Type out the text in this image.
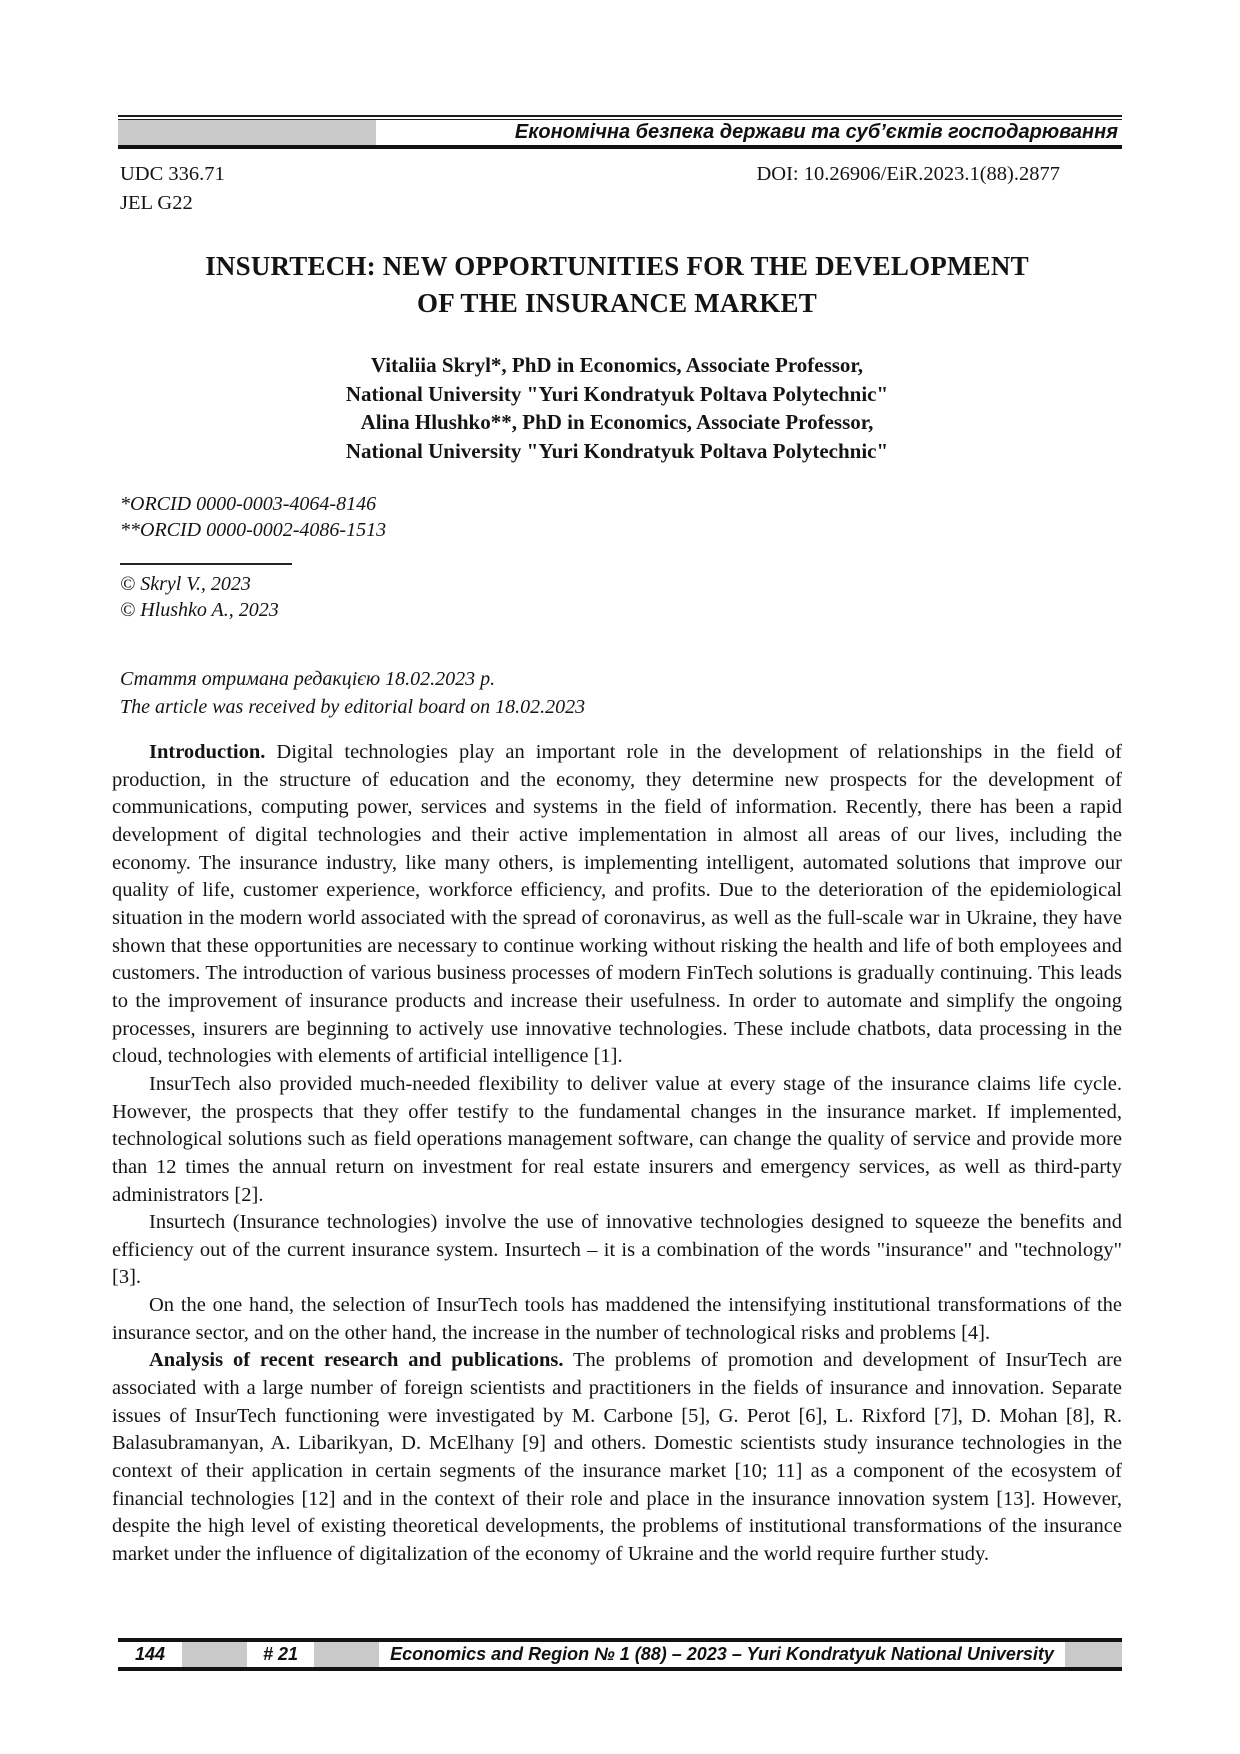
Економічна безпека держави та суб’єктів господарювання
UDC 336.71
JEL G22
DOI: 10.26906/EiR.2023.1(88).2877
INSURTECH: NEW OPPORTUNITIES FOR THE DEVELOPMENT
OF THE INSURANCE MARKET
Vitaliia Skryl*, PhD in Economics, Associate Professor,
National University "Yuri Kondratyuk Poltava Polytechnic"
Alina Hlushko**, PhD in Economics, Associate Professor,
National University "Yuri Kondratyuk Poltava Polytechnic"
*ORCID 0000-0003-4064-8146
**ORCID 0000-0002-4086-1513
© Skryl V., 2023
© Hlushko A., 2023
Стаття отримана редакцією 18.02.2023 р.
The article was received by editorial board on 18.02.2023

Introduction. Digital technologies play an important role in the development of relationships in the field of production, in the structure of education and the economy, they determine new prospects for the development of communications, computing power, services and systems in the field of information. Recently, there has been a rapid development of digital technologies and their active implementation in almost all areas of our lives, including the economy. The insurance industry, like many others, is implementing intelligent, automated solutions that improve our quality of life, customer experience, workforce efficiency, and profits. Due to the deterioration of the epidemiological situation in the modern world associated with the spread of coronavirus, as well as the full-scale war in Ukraine, they have shown that these opportunities are necessary to continue working without risking the health and life of both employees and customers. The introduction of various business processes of modern FinTech solutions is gradually continuing. This leads to the improvement of insurance products and increase their usefulness. In order to automate and simplify the ongoing processes, insurers are beginning to actively use innovative technologies. These include chatbots, data processing in the cloud, technologies with elements of artificial intelligence [1].

InsurTech also provided much-needed flexibility to deliver value at every stage of the insurance claims life cycle. However, the prospects that they offer testify to the fundamental changes in the insurance market. If implemented, technological solutions such as field operations management software, can change the quality of service and provide more than 12 times the annual return on investment for real estate insurers and emergency services, as well as third-party administrators [2].

Insurtech (Insurance technologies) involve the use of innovative technologies designed to squeeze the benefits and efficiency out of the current insurance system. Insurtech – it is a combination of the words "insurance" and "technology" [3].

On the one hand, the selection of InsurTech tools has maddened the intensifying institutional transformations of the insurance sector, and on the other hand, the increase in the number of technological risks and problems [4].

Analysis of recent research and publications. The problems of promotion and development of InsurTech are associated with a large number of foreign scientists and practitioners in the fields of insurance and innovation. Separate issues of InsurTech functioning were investigated by M. Carbone [5], G. Perot [6], L. Rixford [7], D. Mohan [8], R. Balasubramanyan, A. Libarikyan, D. McElhany [9] and others. Domestic scientists study insurance technologies in the context of their application in certain segments of the insurance market [10; 11] as a component of the ecosystem of financial technologies [12] and in the context of their role and place in the insurance innovation system [13]. However, despite the high level of existing theoretical developments, the problems of institutional transformations of the insurance market under the influence of digitalization of the economy of Ukraine and the world require further study.

144	# 21	Economics and Region № 1 (88) – 2023 – Yuri Kondratyuk National University
